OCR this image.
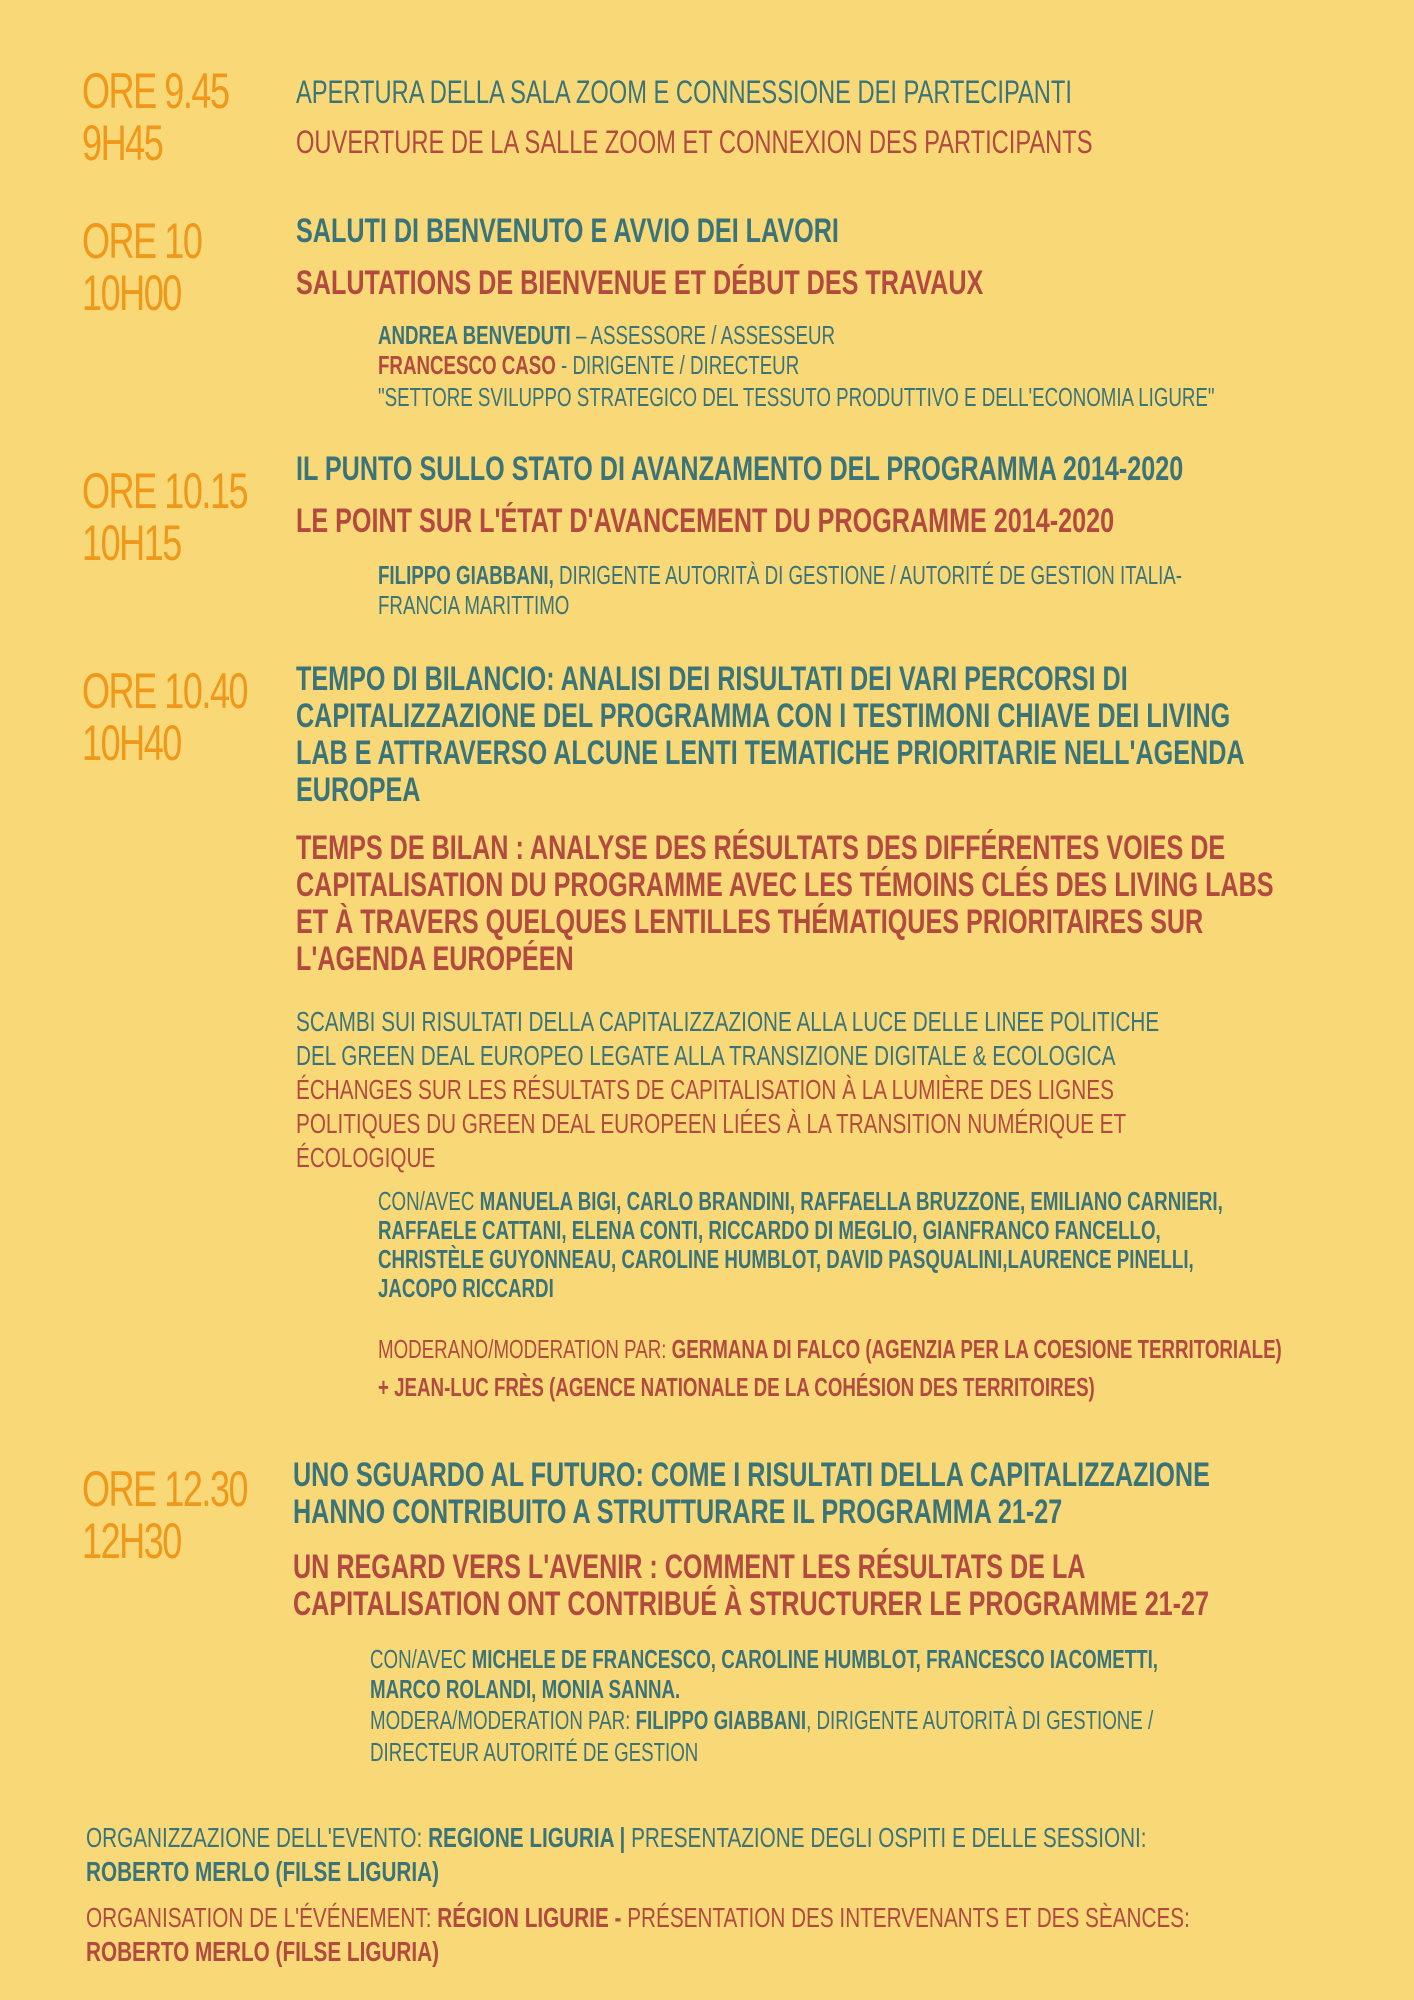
ORE 9.45
9H45
APERTURA DELLA SALA ZOOM E CONNESSIONE DEI PARTECIPANTI
OUVERTURE DE LA SALLE ZOOM ET CONNEXION DES PARTICIPANTS
ORE 10
10H00
SALUTI DI BENVENUTO E AVVIO DEI LAVORI
SALUTATIONS DE BIENVENUE ET DÉBUT DES TRAVAUX
ANDREA BENVEDUTI – ASSESSORE / ASSESSEUR
FRANCESCO CASO - DIRIGENTE / DIRECTEUR
"SETTORE SVILUPPO STRATEGICO DEL TESSUTO PRODUTTIVO E DELL'ECONOMIA LIGURE"
ORE 10.15
10H15
IL PUNTO SULLO STATO DI AVANZAMENTO DEL PROGRAMMA 2014-2020
LE POINT SUR L'ÉTAT D'AVANCEMENT DU PROGRAMME 2014-2020
FILIPPO GIABBANI, DIRIGENTE AUTORITÀ DI GESTIONE / AUTORITÉ DE GESTION ITALIA-
FRANCIA MARITTIMO
ORE 10.40
10H40
TEMPO DI BILANCIO: ANALISI DEI RISULTATI DEI VARI PERCORSI DI
CAPITALIZZAZIONE DEL PROGRAMMA CON I TESTIMONI CHIAVE DEI LIVING
LAB E ATTRAVERSO ALCUNE LENTI TEMATICHE PRIORITARIE NELL'AGENDA
EUROPEA
TEMPS DE BILAN : ANALYSE DES RÉSULTATS DES DIFFÉRENTES VOIES DE
CAPITALISATION DU PROGRAMME AVEC LES TÉMOINS CLÉS DES LIVING LABS
ET À TRAVERS QUELQUES LENTILLES THÉMATIQUES PRIORITAIRES SUR
L'AGENDA EUROPÉEN
SCAMBI SUI RISULTATI DELLA CAPITALIZZAZIONE ALLA LUCE DELLE LINEE POLITICHE
DEL GREEN DEAL EUROPEO LEGATE ALLA TRANSIZIONE DIGITALE & ECOLOGICA
ÉCHANGES SUR LES RÉSULTATS DE CAPITALISATION À LA LUMIÈRE DES LIGNES
POLITIQUES DU GREEN DEAL EUROPEEN LIÉES À LA TRANSITION NUMÉRIQUE ET
ÉCOLOGIQUE
CON/AVEC MANUELA BIGI, CARLO BRANDINI, RAFFAELLA BRUZZONE, EMILIANO CARNIERI,
RAFFAELE CATTANI, ELENA CONTI, RICCARDO DI MEGLIO, GIANFRANCO FANCELLO,
CHRISTÈLE GUYONNEAU, CAROLINE HUMBLOT, DAVID PASQUALINI,LAURENCE PINELLI,
JACOPO RICCARDI
MODERANO/MODERATION PAR: GERMANA DI FALCO (AGENZIA PER LA COESIONE TERRITORIALE)
+ JEAN-LUC FRÈS (AGENCE NATIONALE DE LA COHÉSION DES TERRITOIRES)
ORE 12.30
12H30
UNO SGUARDO AL FUTURO: COME I RISULTATI DELLA CAPITALIZZAZIONE
HANNO CONTRIBUITO A STRUTTURARE IL PROGRAMMA 21-27
UN REGARD VERS L'AVENIR : COMMENT LES RÉSULTATS DE LA
CAPITALISATION ONT CONTRIBUÉ À STRUCTURER LE PROGRAMME 21-27
CON/AVEC MICHELE DE FRANCESCO, CAROLINE HUMBLOT, FRANCESCO IACOMETTI,
MARCO ROLANDI, MONIA SANNA.
MODERA/MODERATION PAR: FILIPPO GIABBANI, DIRIGENTE AUTORITÀ DI GESTIONE /
DIRECTEUR AUTORITÉ DE GESTION
ORGANIZZAZIONE DELL'EVENTO: REGIONE LIGURIA | PRESENTAZIONE DEGLI OSPITI E DELLE SESSIONI:
ROBERTO MERLO (FILSE LIGURIA)
ORGANISATION DE L'ÉVÉNEMENT: RÉGION LIGURIE - PRÉSENTATION DES INTERVENANTS ET DES SÈANCES:
ROBERTO MERLO (FILSE LIGURIA)
